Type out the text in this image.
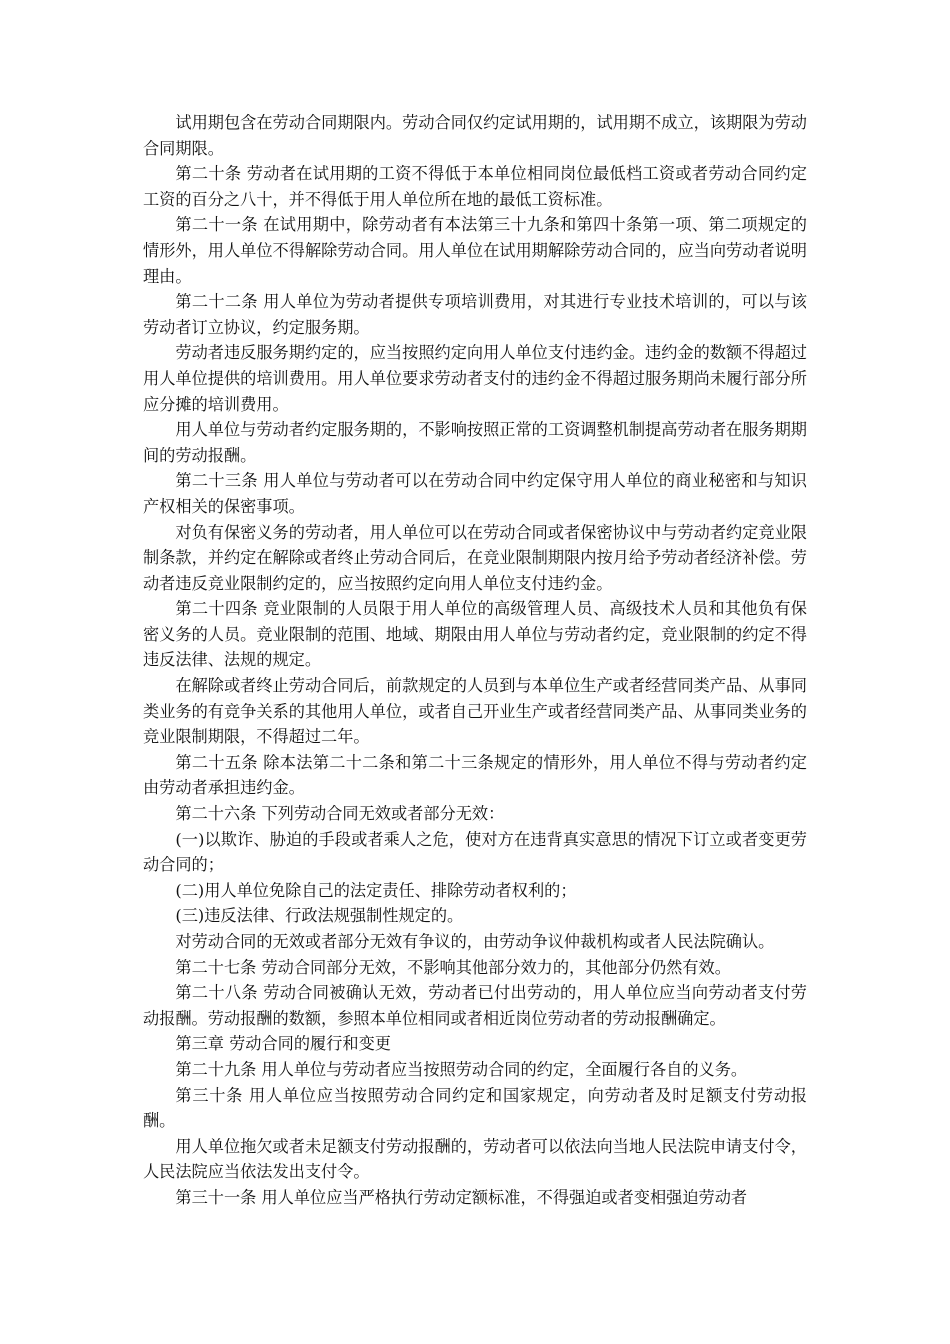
试用期包含在劳动合同期限内。劳动合同仅约定试用期的，试用期不成立，该期限为劳动合同期限。

第二十条 劳动者在试用期的工资不得低于本单位相同岗位最低档工资或者劳动合同约定工资的百分之八十，并不得低于用人单位所在地的最低工资标准。

第二十一条 在试用期中，除劳动者有本法第三十九条和第四十条第一项、第二项规定的情形外，用人单位不得解除劳动合同。用人单位在试用期解除劳动合同的，应当向劳动者说明理由。

第二十二条 用人单位为劳动者提供专项培训费用，对其进行专业技术培训的，可以与该劳动者订立协议，约定服务期。

劳动者违反服务期约定的，应当按照约定向用人单位支付违约金。违约金的数额不得超过用人单位提供的培训费用。用人单位要求劳动者支付的违约金不得超过服务期尚未履行部分所应分摊的培训费用。

用人单位与劳动者约定服务期的，不影响按照正常的工资调整机制提高劳动者在服务期期间的劳动报酬。

第二十三条 用人单位与劳动者可以在劳动合同中约定保守用人单位的商业秘密和与知识产权相关的保密事项。

对负有保密义务的劳动者，用人单位可以在劳动合同或者保密协议中与劳动者约定竞业限制条款，并约定在解除或者终止劳动合同后，在竞业限制期限内按月给予劳动者经济补偿。劳动者违反竞业限制约定的，应当按照约定向用人单位支付违约金。

第二十四条 竞业限制的人员限于用人单位的高级管理人员、高级技术人员和其他负有保密义务的人员。竞业限制的范围、地域、期限由用人单位与劳动者约定，竞业限制的约定不得违反法律、法规的规定。

在解除或者终止劳动合同后，前款规定的人员到与本单位生产或者经营同类产品、从事同类业务的有竞争关系的其他用人单位，或者自己开业生产或者经营同类产品、从事同类业务的竞业限制期限，不得超过二年。

第二十五条 除本法第二十二条和第二十三条规定的情形外，用人单位不得与劳动者约定由劳动者承担违约金。

第二十六条 下列劳动合同无效或者部分无效：

(一)以欺诈、胁迫的手段或者乘人之危，使对方在违背真实意思的情况下订立或者变更劳动合同的；

(二)用人单位免除自己的法定责任、排除劳动者权利的；

(三)违反法律、行政法规强制性规定的。

对劳动合同的无效或者部分无效有争议的，由劳动争议仲裁机构或者人民法院确认。

第二十七条 劳动合同部分无效，不影响其他部分效力的，其他部分仍然有效。

第二十八条 劳动合同被确认无效，劳动者已付出劳动的，用人单位应当向劳动者支付劳动报酬。劳动报酬的数额，参照本单位相同或者相近岗位劳动者的劳动报酬确定。

第三章 劳动合同的履行和变更

第二十九条 用人单位与劳动者应当按照劳动合同的约定，全面履行各自的义务。

第三十条 用人单位应当按照劳动合同约定和国家规定，向劳动者及时足额支付劳动报酬。

用人单位拖欠或者未足额支付劳动报酬的，劳动者可以依法向当地人民法院申请支付令，人民法院应当依法发出支付令。

第三十一条 用人单位应当严格执行劳动定额标准，不得强迫或者变相强迫劳动者
